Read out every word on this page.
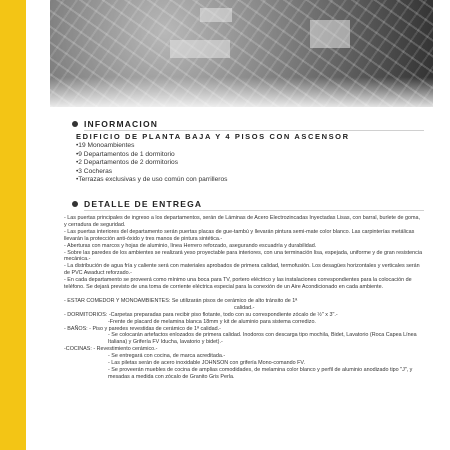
INFORMACION
EDIFICIO DE PLANTA BAJA Y 4 PISOS CON ASCENSOR
•19 Monoambientes
•9 Departamentos de 1 dormitorio
•2 Departamentos de 2 dormitorios
•3 Cocheras
•Terrazas exclusivas y de uso común con parrilleros
DETALLE DE ENTREGA

- Las puertas principales de ingreso a los departamentos, serán de Láminas de Acero Electrozincadas Inyectadas Lisas, con barral, burlete de goma, y cerradura de seguridad.

- Las puertas interiores del departamento serán puertas placas de gue-tambú y llevarán pintura semi-mate color blanco. Las carpinterías metálicas llevarán la protección anti-óxido y tres manos de pintura sintética.-

- Aberturas con marcos y hojas de aluminio, línea Herrero reforzado, asegurando escuadría y durabilidad.

- Sobre las paredes de los ambientes se realizará yeso proyectable para interiores, con una terminación lisa, espejada, uniforme y de gran resistencia mecánica.-

- La distribución de agua fría y caliente será con materiales aprobados de primera calidad, termofusión. Los desagües horizontales y verticales serán de PVC Awaduct reforzado.-

- En cada departamento se proveerá como mínimo una boca para TV, portero eléctrico y las instalaciones correspondientes para la colocación de teléfono. Se dejará previsto de una toma de corriente eléctrica especial para la conexión de un Aire Acondicionado en cada ambiente.

- ESTAR COMEDOR Y MONOAMBIENTES: Se utilizarán pisos de cerámico de alto tránsito de 1ª

calidad.-

- DORMITORIOS: -Carpetas preparadas para recibir piso flotante, todo con su correspondiente zócalo de ½" x 3".-

-Frente de placard de melamina blanca 18mm y kit de aluminio para sistema corredizo.

- BAÑOS: - Piso y paredes revestidas de cerámico de 1ª calidad.-

- Se colocarán artefactos enlozados de primera calidad. Inodoros con descarga tipo mochila, Bidet, Lavatorio (Roca Capea Línea Italiana) y Grifería FV Iducha, lavatorio y bidet).-

-COCINAS: - Revestimiento cerámico.-

- Se entregará con cocina, de marca acreditada.-

- Las piletas serán de acero inoxidable JOHNSON con grifería Mono-comando FV.

- Se proveerán muebles de cocina de amplias comodidades, de melamina color blanco y perfil de aluminio anodizado tipo "J", y mesadas a medida con zócalo de Granito Gris Perla.
